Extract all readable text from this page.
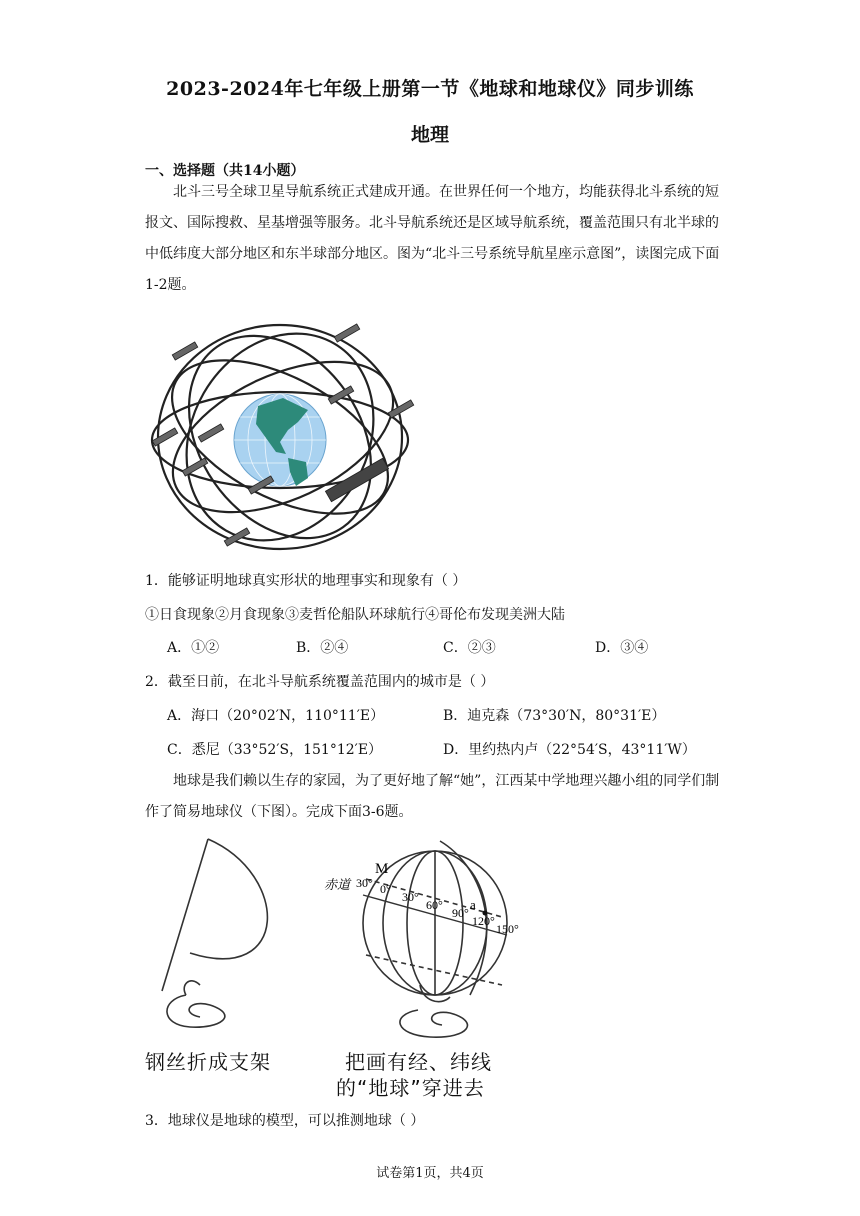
2023-2024年七年级上册第一节《地球和地球仪》同步训练
地理
一、选择题（共14小题）
北斗三号全球卫星导航系统正式建成开通。在世界任何一个地方，均能获得北斗系统的短报文、国际搜救、星基增强等服务。北斗导航系统还是区域导航系统，覆盖范围只有北半球的中低纬度大部分地区和东半球部分地区。图为“北斗三号系统导航星座示意图”，读图完成下面1-2题。
1．能够证明地球真实形状的地理事实和现象有（ ）
①日食现象②月食现象③麦哲伦船队环球航行④哥伦布发现美洲大陆
A．①②	B．②④	C．②③	D．③④
2．截至日前，在北斗导航系统覆盖范围内的城市是（ ）
A．海口（20°02′N，110°11′E）	B．迪克森（73°30′N，80°31′E）
C．悉尼（33°52′S，151°12′E）	D．里约热内卢（22°54′S，43°11′W）
地球是我们赖以生存的家园，为了更好地了解“她”，江西某中学地理兴趣小组的同学们制作了简易地球仪（下图）。完成下面3-6题。
M
赤道
a
30° 0°
30°
60°
90°
120°
150°
钢丝折成支架	把画有经、纬线
的“地球”穿进去
3．地球仪是地球的模型，可以推测地球（ ）
试卷第1页，共4页
